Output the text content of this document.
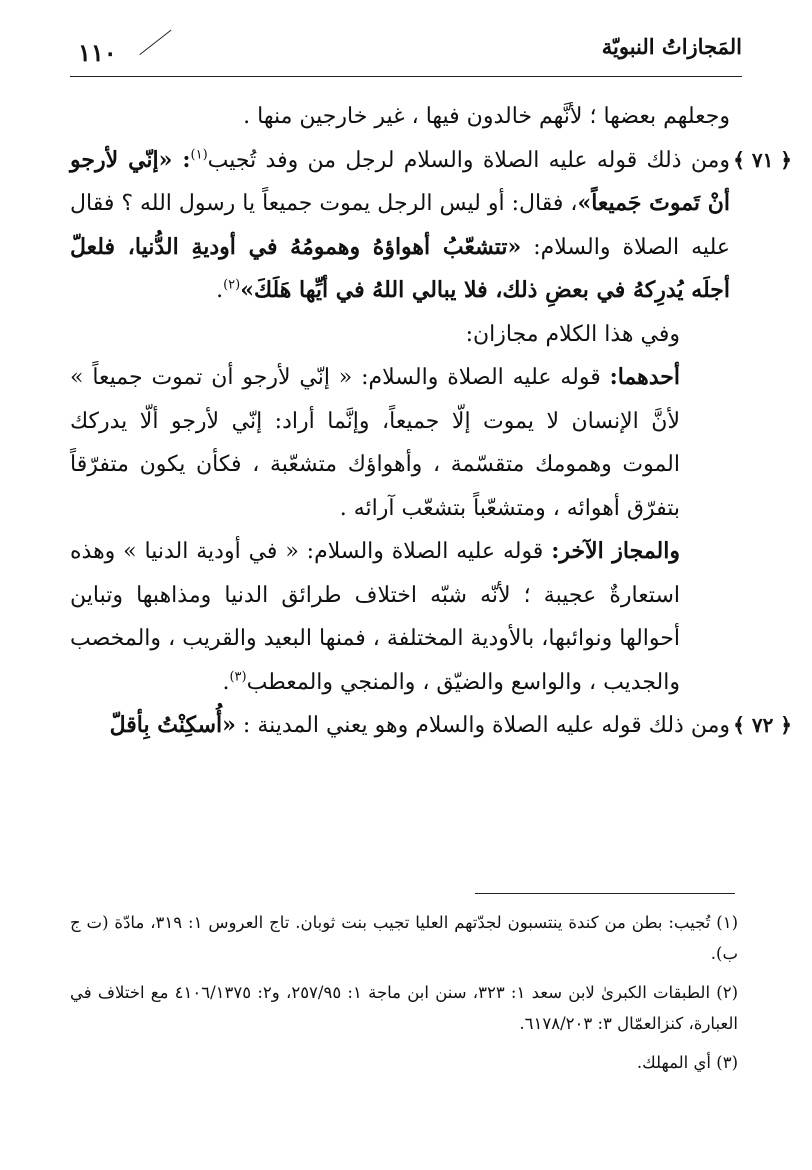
المَجازاتُ النبويّة
١١٠

وجعلهم بعضها ؛ لأنَّهم خالدون فيها ، غير خارجين منها .

﴿ ٧١ ﴾
ومن ذلك قوله عليه الصلاة والسلام لرجل من وفد تُجيب$^{(١)}$: «إنّي لأرجو أنْ تَموتَ جَميعاً»، فقال: أو ليس الرجل يموت جميعاً يا رسول الله ؟ فقال عليه الصلاة والسلام: «تتشعّبُ أهواؤهُ وهمومُهُ في أوديةِ الدُّنيا، فلعلّ أجلَه يُدرِكهُ في بعضِ ذلك، فلا يبالي اللهُ في أيِّها هَلَكَ»$^{(٢)}$.

وفي هذا الكلام مجازان:

أحدهما: قوله عليه الصلاة والسلام: « إنّي لأرجو أن تموت جميعاً » لأنَّ الإنسان لا يموت إلّا جميعاً، وإنَّما أراد: إنّي لأرجو ألّا يدركك الموت وهمومك متقسّمة ، وأهواؤك متشعّبة ، فكأن يكون متفرّقاً بتفرّق أهوائه ، ومتشعّباً بتشعّب آرائه .

والمجاز الآخر: قوله عليه الصلاة والسلام: « في أودية الدنيا » وهذه استعارةٌ عجيبة ؛ لأنّه شبّه اختلاف طرائق الدنيا ومذاهبها وتباين أحوالها ونوائبها، بالأودية المختلفة ، فمنها البعيد والقريب ، والمخصب والجديب ، والواسع والضيّق ، والمنجي والمعطب$^{(٣)}$.

﴿ ٧٢ ﴾
ومن ذلك قوله عليه الصلاة والسلام وهو يعني المدينة : «أُسكِنْتُ بِأقلّ

(١) تُجيب: بطن من كندة ينتسبون لجدّتهم العليا تجيب بنت ثوبان. تاج العروس ١: ٣١٩، مادّة (ت ج ب).

(٢) الطبقات الكبرىٰ لابن سعد ١: ٣٢٣، سنن ابن ماجة ١: ٢٥٧/٩٥، و٢: ٤١٠٦/١٣٧٥ مع اختلاف في العبارة، كنزالعمّال ٣: ٦١٧٨/٢٠٣.

(٣) أي المهلك.
